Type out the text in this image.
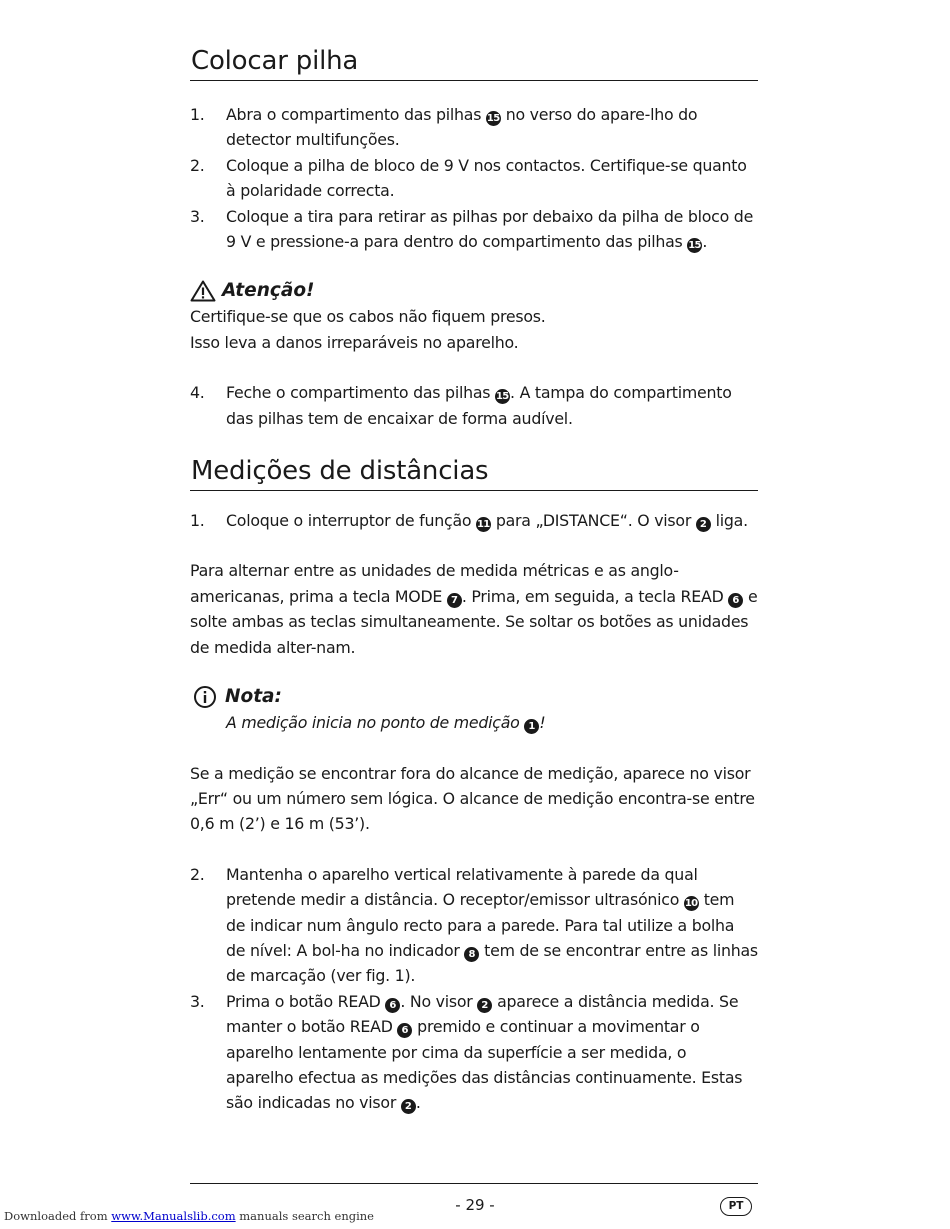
Colocar pilha
1. Abra o compartimento das pilhas 15 no verso do apare-lho do detector multifunções.
2. Coloque a pilha de bloco de 9 V nos contactos. Certifique-se quanto à polaridade correcta.
3. Coloque a tira para retirar as pilhas por debaixo da pilha de bloco de 9 V e pressione-a para dentro do compartimento das pilhas 15.
Atenção!
Certifique-se que os cabos não fiquem presos.
Isso leva a danos irreparáveis no aparelho.
4. Feche o compartimento das pilhas 15. A tampa do compartimento das pilhas tem de encaixar de forma audível.
Medições de distâncias
1. Coloque o interruptor de função 11 para „DISTANCE“. O visor 2 liga.

Para alternar entre as unidades de medida métricas e as anglo-americanas, prima a tecla MODE 7 . Prima, em seguida, a tecla READ 6 e solte ambas as teclas simultaneamente. Se soltar os botões as unidades de medida alter-nam.

Nota:
A medição inicia no ponto de medição 1 !

Se a medição se encontrar fora do alcance de medição, aparece no visor „Err“ ou um número sem lógica. O alcance de medição encontra-se entre 0,6 m (2’) e 16 m (53’).

2. Mantenha o aparelho vertical relativamente à parede da qual pretende medir a distância. O receptor/emissor ultrasónico 10 tem de indicar num ângulo recto para a parede. Para tal utilize a bolha de nível: A bol-ha no indicador 8 tem de se encontrar entre as linhas de marcação (ver fig. 1).
3. Prima o botão READ 6 . No visor 2 aparece a distância medida. Se manter o botão READ 6 premido e continuar a movimentar o aparelho lentamente por cima da superfície a ser medida, o aparelho efectua as medições das distâncias continuamente. Estas são indicadas no visor 2 .
- 29 -	PT
Downloaded from www.Manualslib.com manuals search engine
